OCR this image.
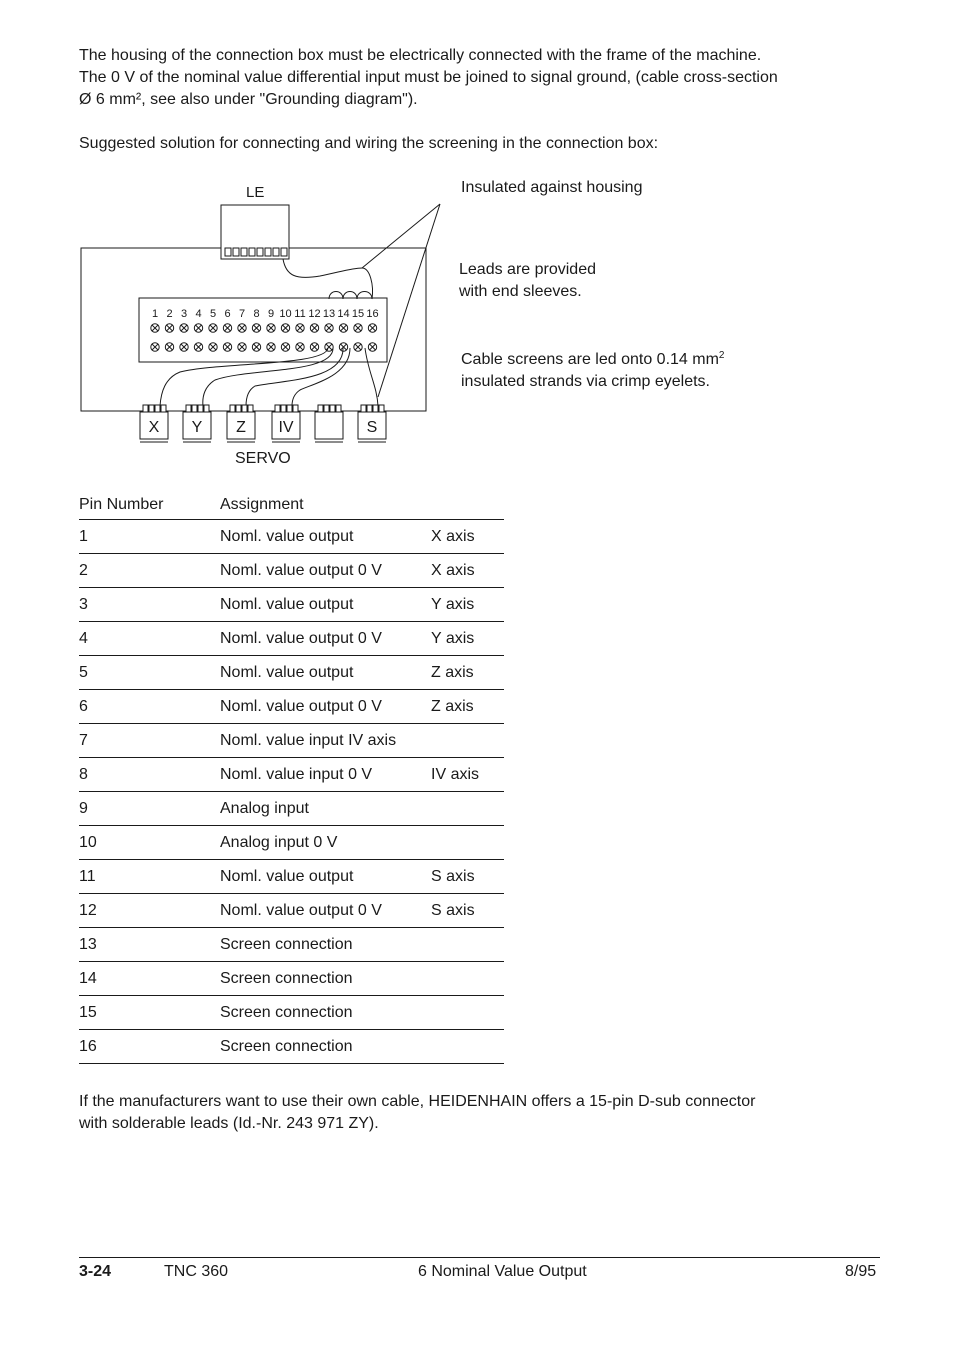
The housing of the connection box must be electrically connected with the frame of the machine.
The 0 V of the nominal value differential input must be joined to signal ground, (cable cross-section
Ø 6 mm², see also under "Grounding diagram").

Suggested solution for connecting and wiring the screening in the connection box:

LE
1 2 3 4 5 6 7 8 9 10 11 12 13 14 15 16
X Y Z IV	S
SERVO

Insulated against housing

Leads are provided
with end sleeves.

Cable screens are led onto 0.14 $mm^2$
insulated strands via crimp eyelets.

Pin Number	Assignment	
1	Noml. value output	X axis
2	Noml. value output 0 V	X axis
3	Noml. value output	Y axis
4	Noml. value output 0 V	Y axis
5	Noml. value output	Z axis
6	Noml. value output 0 V	Z axis
7	Noml. value input IV axis	
8	Noml. value input 0 V	IV axis
9	Analog input	
10	Analog input 0 V	
11	Noml. value output	S axis
12	Noml. value output 0 V	S axis
13	Screen connection	
14	Screen connection	
15	Screen connection	
16	Screen connection	

If the manufacturers want to use their own cable, HEIDENHAIN offers a 15-pin D-sub connector
with solderable leads (Id.-Nr. 243 971 ZY).

3-24	TNC 360	6 Nominal Value Output	8/95
